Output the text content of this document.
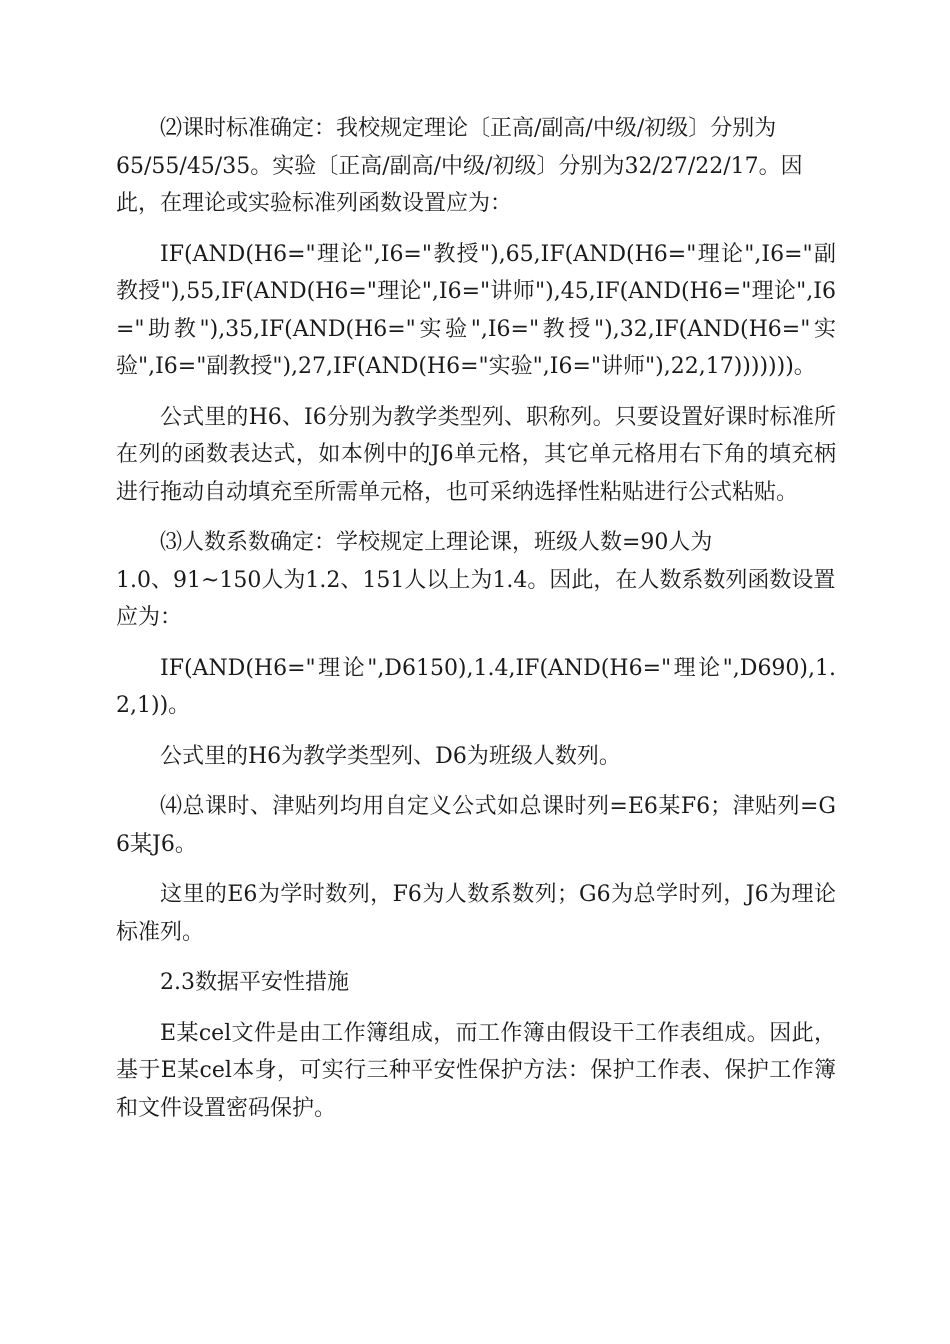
⑵课时标准确定：我校规定理论〔正高/副高/中级/初级〕分别为
65/55/45/35。实验〔正高/副高/中级/初级〕分别为32/27/22/17。因
此，在理论或实验标准列函数设置应为：

IF(AND(H6="理论",I6="教授"),65,IF(AND(H6="理论",I6="副教授"),55,IF(AND(H6="理论",I6="讲师"),45,IF(AND(H6="理论",I6="助教"),35,IF(AND(H6="实验",I6="教授"),32,IF(AND(H6="实验",I6="副教授"),27,IF(AND(H6="实验",I6="讲师"),22,17)))))))。

公式里的H6、I6分别为教学类型列、职称列。只要设置好课时标准所在列的函数表达式，如本例中的J6单元格，其它单元格用右下角的填充柄进行拖动自动填充至所需单元格，也可采纳选择性粘贴进行公式粘贴。

⑶人数系数确定：学校规定上理论课，班级人数=90人为
1.0、91~150人为1.2、151人以上为1.4。因此，在人数系数列函数设置
应为：

IF(AND(H6="理论",D6150),1.4,IF(AND(H6="理论",D690),1.2,1))。

公式里的H6为教学类型列、D6为班级人数列。

⑷总课时、津贴列均用自定义公式如总课时列=E6某F6；津贴列=G6某J6。

这里的E6为学时数列，F6为人数系数列；G6为总学时列，J6为理论标准列。

2.3数据平安性措施

E某cel文件是由工作簿组成，而工作簿由假设干工作表组成。因此，基于E某cel本身，可实行三种平安性保护方法：保护工作表、保护工作簿和文件设置密码保护。
